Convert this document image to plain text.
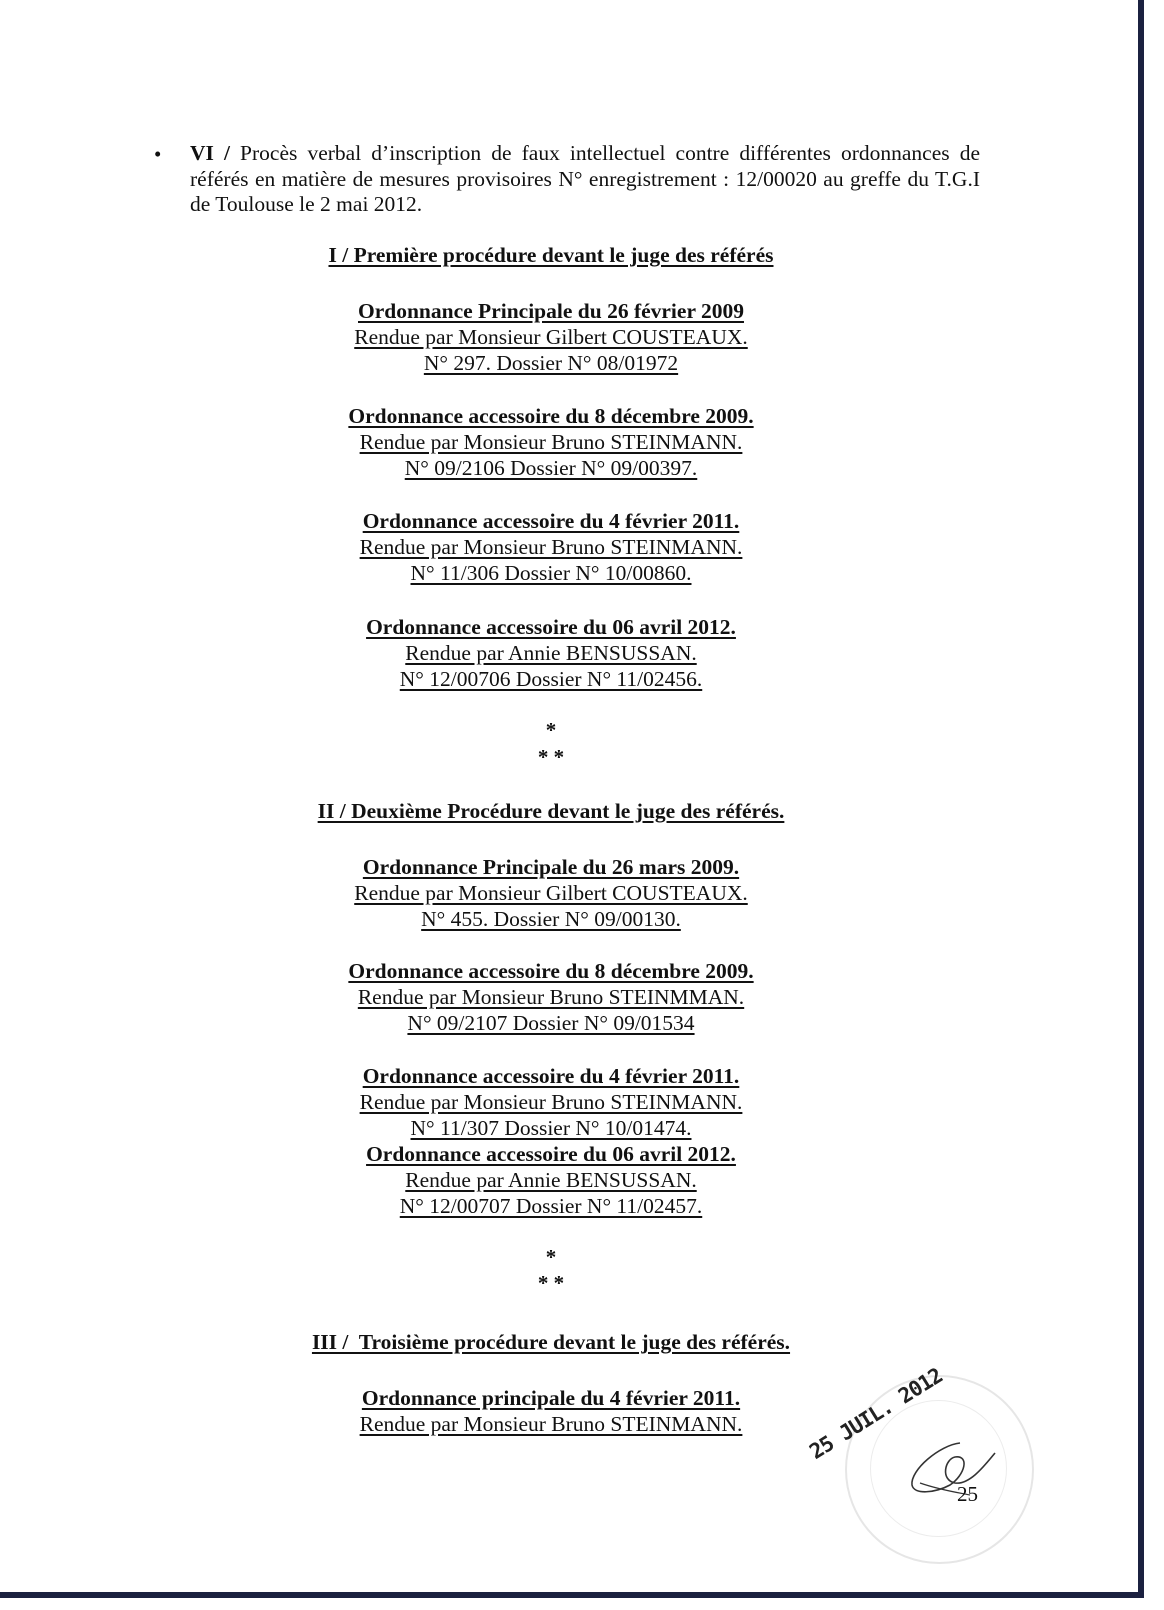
• VI / Procès verbal d’inscription de faux intellectuel contre différentes ordonnances de référés en matière de mesures provisoires N° enregistrement : 12/00020 au greffe du T.G.I de Toulouse le 2 mai 2012.
I / Première procédure devant le juge des référés
Ordonnance Principale du 26 février 2009
Rendue par Monsieur Gilbert COUSTEAUX.
N° 297. Dossier N° 08/01972
Ordonnance accessoire du 8 décembre 2009.
Rendue par Monsieur Bruno STEINMANN.
N° 09/2106 Dossier N° 09/00397.
Ordonnance accessoire du 4 février 2011.
Rendue par Monsieur Bruno STEINMANN.
N° 11/306 Dossier N° 10/00860.
Ordonnance accessoire du 06 avril 2012.
Rendue par Annie BENSUSSAN.
N° 12/00706 Dossier N° 11/02456.
*
* *
II / Deuxième Procédure devant le juge des référés.
Ordonnance Principale du 26 mars 2009.
Rendue par Monsieur Gilbert COUSTEAUX.
N° 455. Dossier N° 09/00130.
Ordonnance accessoire du 8 décembre 2009.
Rendue par Monsieur Bruno STEINMMAN.
N° 09/2107 Dossier N° 09/01534
Ordonnance accessoire du 4 février 2011.
Rendue par Monsieur Bruno STEINMANN.
N° 11/307 Dossier N° 10/01474.
Ordonnance accessoire du 06 avril 2012.
Rendue par Annie BENSUSSAN.
N° 12/00707 Dossier N° 11/02457.
*
* *
III /  Troisième procédure devant le juge des référés.
Ordonnance principale du 4 février 2011.
Rendue par Monsieur Bruno STEINMANN.	25 JUIL. 2012
25
